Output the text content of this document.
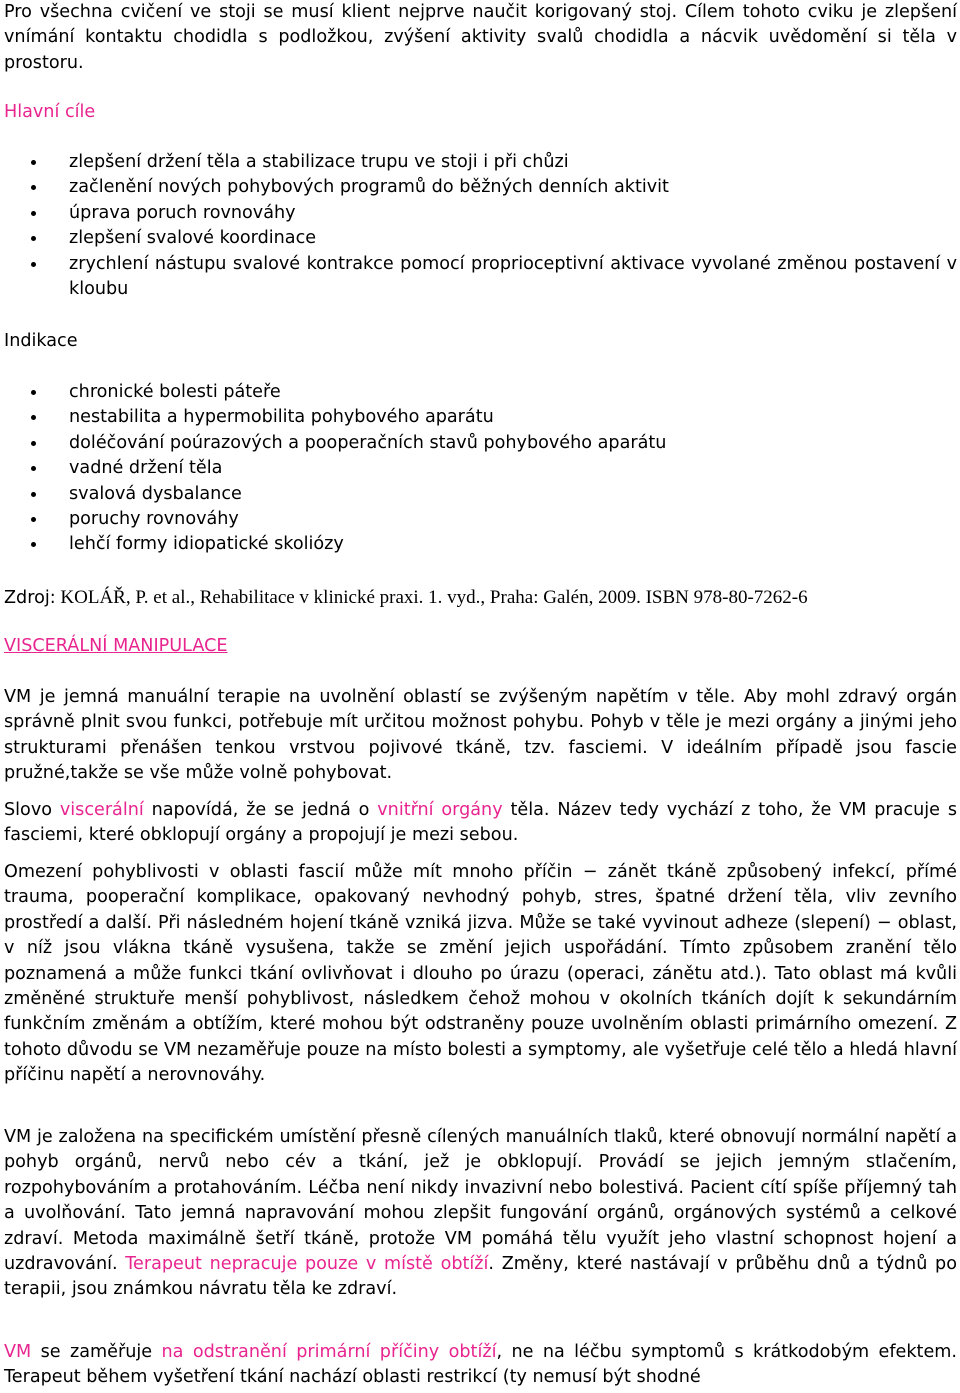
Pro všechna cvičení ve stoji se musí klient nejprve naučit korigovaný stoj. Cílem tohoto cviku je zlepšení vnímání kontaktu chodidla s podložkou, zvýšení aktivity svalů chodidla a nácvik uvědomění si těla v prostoru.

Hlavní cíle
zlepšení držení těla a stabilizace trupu ve stoji i při chůzi
začlenění nových pohybových programů do běžných denních aktivit
úprava poruch rovnováhy
zlepšení svalové koordinace
zrychlení nástupu svalové kontrakce pomocí proprioceptivní aktivace vyvolané změnou postavení v kloubu
Indikace
chronické bolesti páteře
nestabilita a hypermobilita pohybového aparátu
doléčování poúrazových a pooperačních stavů pohybového aparátu
vadné držení těla
svalová dysbalance
poruchy rovnováhy
lehčí formy idiopatické skoliózy
Zdroj: KOLÁŘ, P. et al., Rehabilitace v klinické praxi. 1. vyd., Praha: Galén, 2009. ISBN 978-80-7262-6
VISCERÁLNÍ MANIPULACE

VM je jemná manuální terapie na uvolnění oblastí se zvýšeným napětím v těle. Aby mohl zdravý orgán správně plnit svou funkci, potřebuje mít určitou možnost pohybu. Pohyb v těle je mezi orgány a jinými jeho strukturami přenášen tenkou vrstvou pojivové tkáně, tzv. fasciemi. V ideálním případě jsou fascie pružné,takže se vše může volně pohybovat.

Slovo viscerální napovídá, že se jedná o vnitřní orgány těla. Název tedy vychází z toho, že VM pracuje s fasciemi, které obklopují orgány a propojují je mezi sebou.

Omezení pohyblivosti v oblasti fascií může mít mnoho příčin − zánět tkáně způsobený infekcí, přímé trauma, pooperační komplikace, opakovaný nevhodný pohyb, stres, špatné držení těla, vliv zevního prostředí a další. Při následném hojení tkáně vzniká jizva. Může se také vyvinout adheze (slepení) − oblast, v níž jsou vlákna tkáně vysušena, takže se změní jejich uspořádání. Tímto způsobem zranění tělo poznamená a může funkci tkání ovlivňovat i dlouho po úrazu (operaci, zánětu atd.). Tato oblast má kvůli změněné struktuře menší pohyblivost, následkem čehož mohou v okolních tkáních dojít k sekundárním funkčním změnám a obtížím, které mohou být odstraněny pouze uvolněním oblasti primárního omezení. Z tohoto důvodu se VM nezaměřuje pouze na místo bolesti a symptomy, ale vyšetřuje celé tělo a hledá hlavní příčinu napětí a nerovnováhy.

VM je založena na specifickém umístění přesně cílených manuálních tlaků, které obnovují normální napětí a pohyb orgánů, nervů nebo cév a tkání, jež je obklopují. Provádí se jejich jemným stlačením, rozpohybováním a protahováním. Léčba není nikdy invazivní nebo bolestivá. Pacient cítí spíše příjemný tah a uvolňování. Tato jemná napravování mohou zlepšit fungování orgánů, orgánových systémů a celkové zdraví. Metoda maximálně šetří tkáně, protože VM pomáhá tělu využít jeho vlastní schopnost hojení a uzdravování. Terapeut nepracuje pouze v místě obtíží. Změny, které nastávají v průběhu dnů a týdnů po terapii, jsou známkou návratu těla ke zdraví.

VM se zaměřuje na odstranění primární příčiny obtíží, ne na léčbu symptomů s krátkodobým efektem. Terapeut během vyšetření tkání nachází oblasti restrikcí (ty nemusí být shodné
